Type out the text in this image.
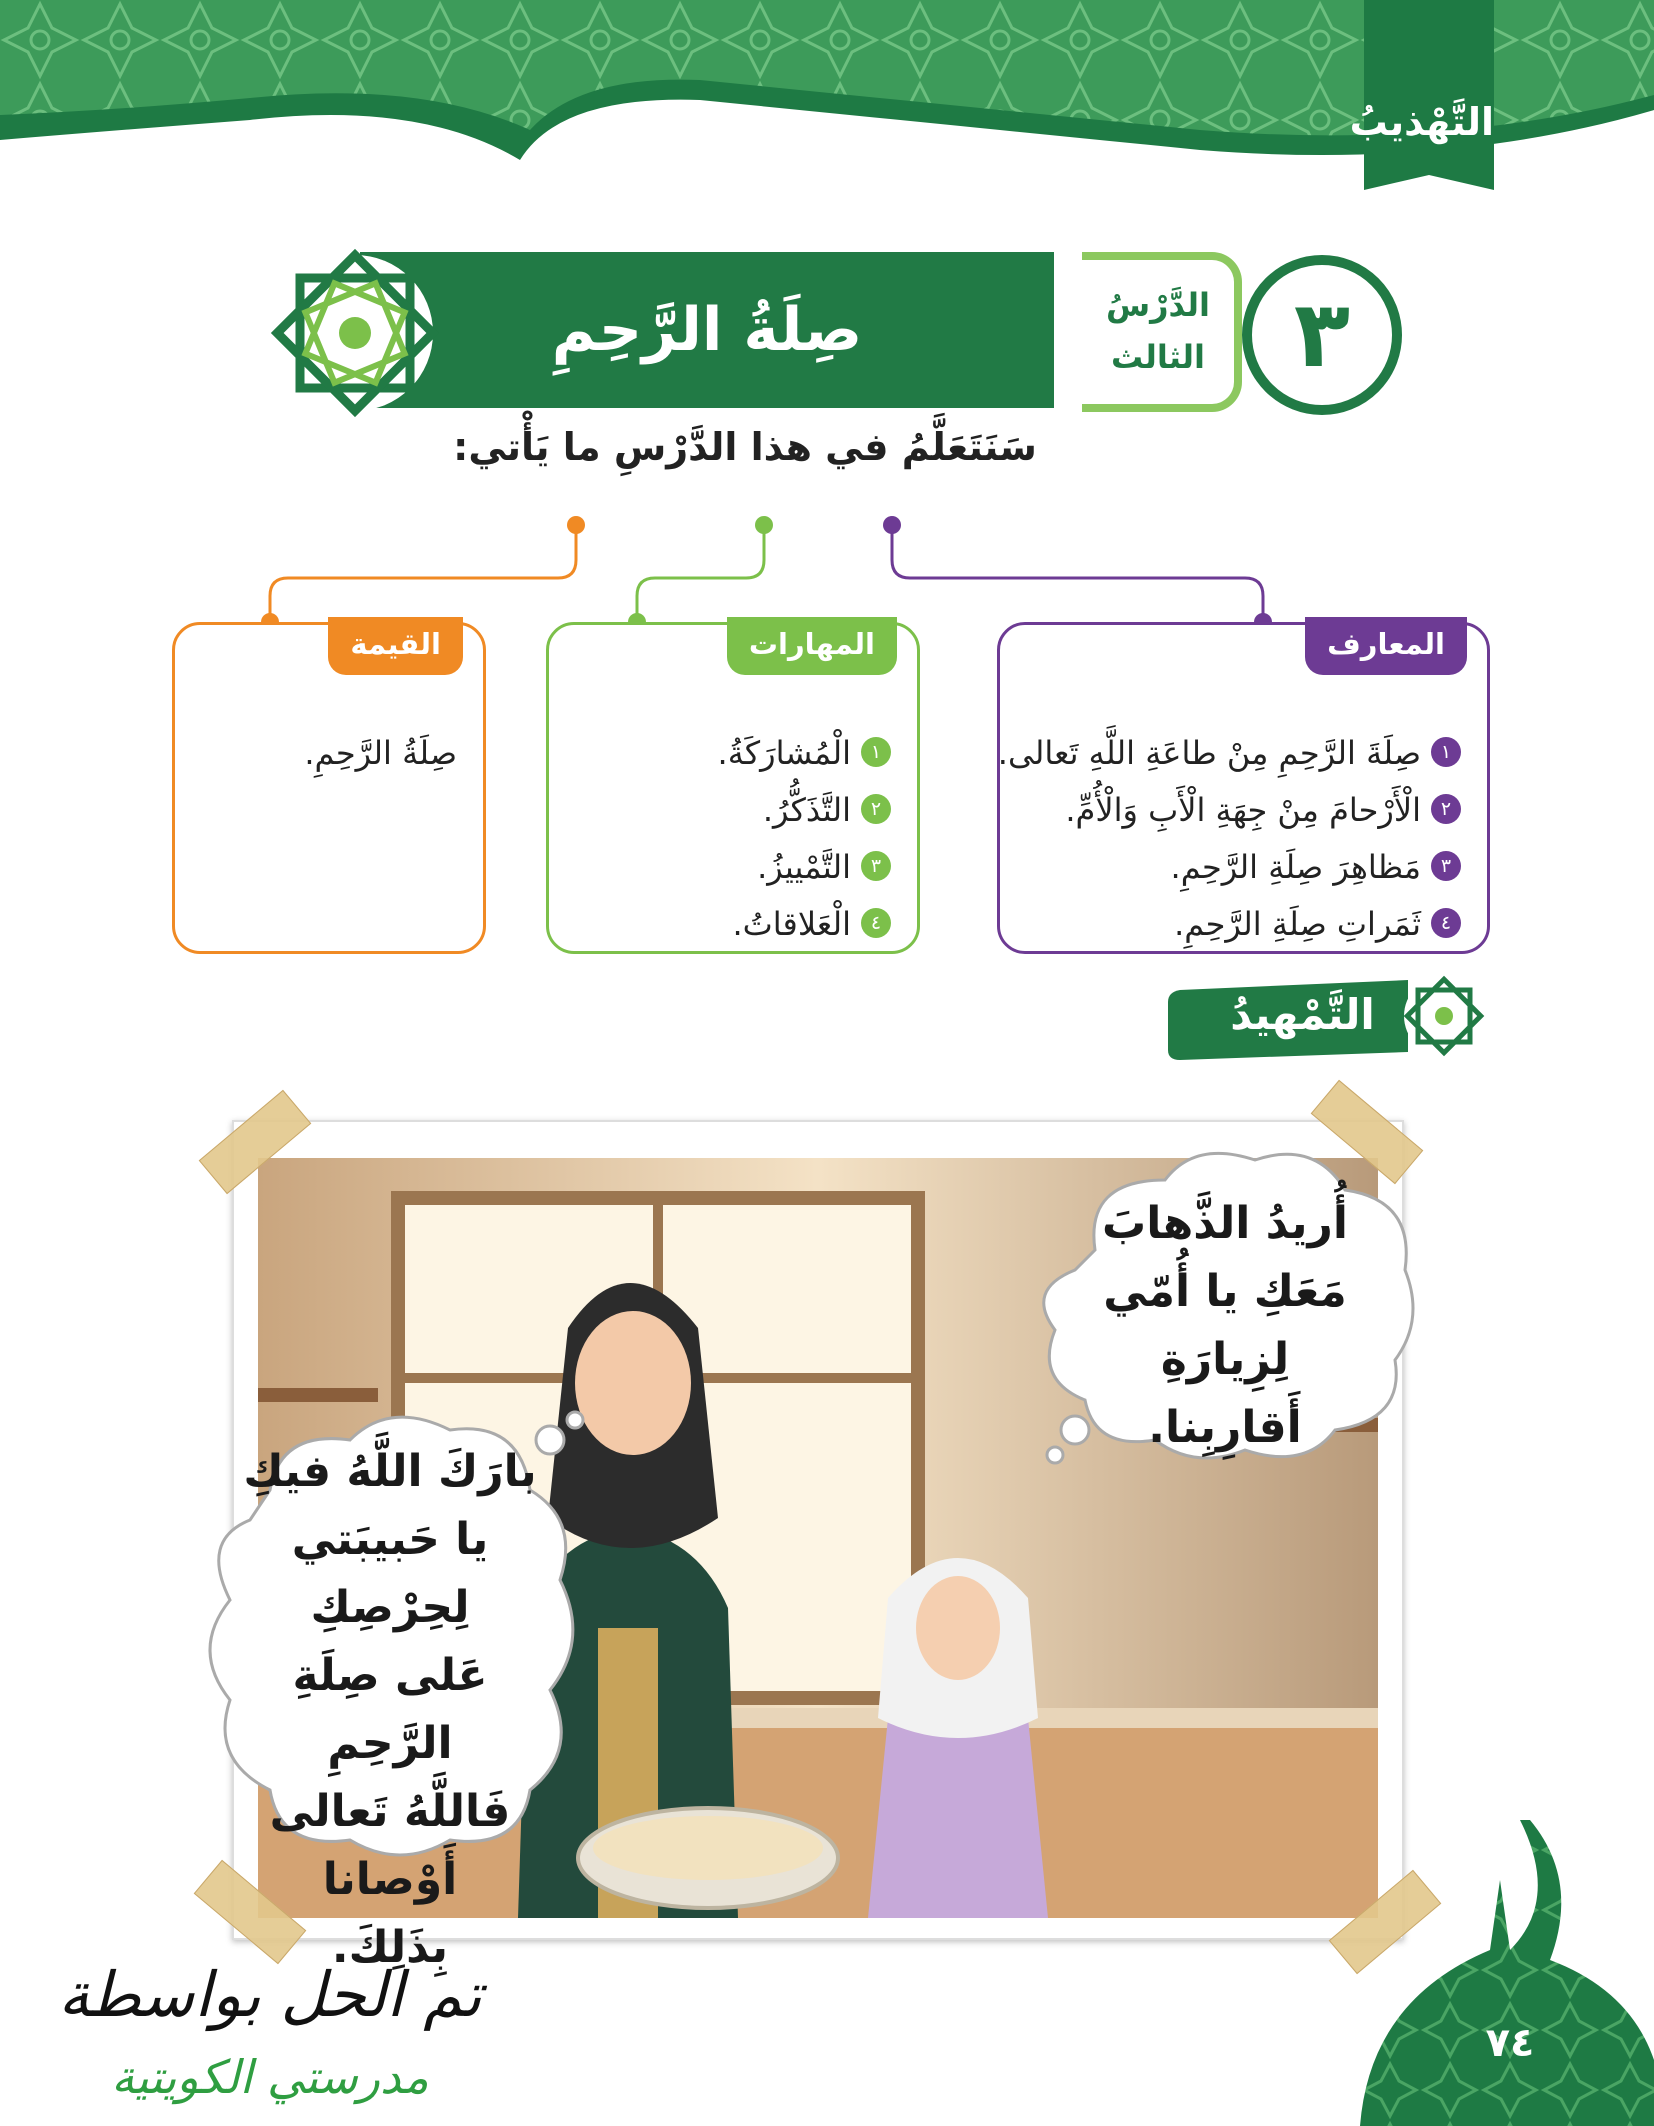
التَّهْذيبُ
الدَّرْسُ
الثالث ٣
صِلَةُ الرَّحِمِ
سَنَتَعَلَّمُ في هذا الدَّرْسِ ما يَأْتي:
المعارف
١صِلَةَ الرَّحِمِ مِنْ طاعَةِ اللَّهِ تَعالى.
٢الْأَرْحامَ مِنْ جِهَةِ الْأَبِ وَالْأُمِّ.
٣مَظاهِرَ صِلَةِ الرَّحِمِ.
٤ثَمَراتِ صِلَةِ الرَّحِمِ.
المهارات
١الْمُشارَكَةُ.
٢التَّذَكُّرُ.
٣التَّمْييزُ.
٤الْعَلاقاتُ.
القيمة
صِلَةُ الرَّحِمِ.
التَّمْهيدُ
أُريدُ الذَّهابَ
مَعَكِ يا أُمّي لِزِيارَةِ
أَقارِبِنا.
بارَكَ اللَّهُ فيكِ
يا حَبيبَتي لِحِرْصِكِ
عَلى صِلَةِ الرَّحِمِ
فَاللَّهُ تَعالى أَوْصانا
بِذَلِكَ.
٧٤
تم الحل بواسطة
مدرستي الكويتية
